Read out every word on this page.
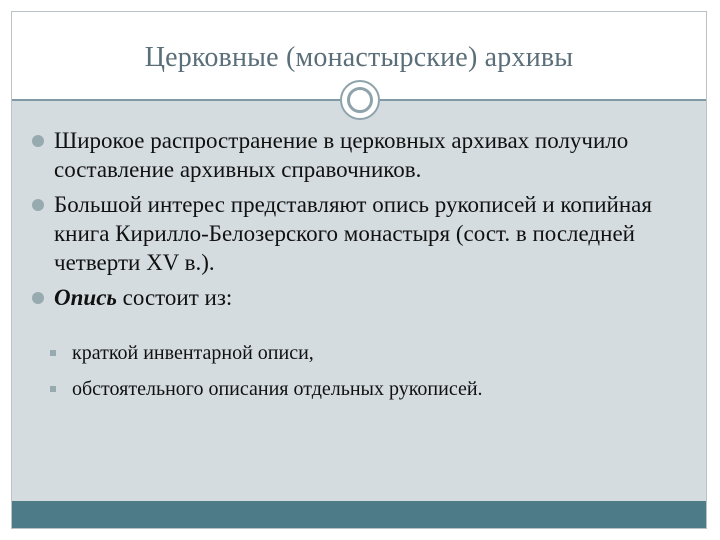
Церковные (монастырские) архивы
Широкое распространение в церковных архивах получило составление архивных справочников.
Большой интерес представляют опись рукописей и копийная книга Кирилло-Белозерского монастыря (сост. в последней четверти XV в.).
Опись состоит из:
краткой инвентарной описи,
обстоятельного описания отдельных рукописей.
